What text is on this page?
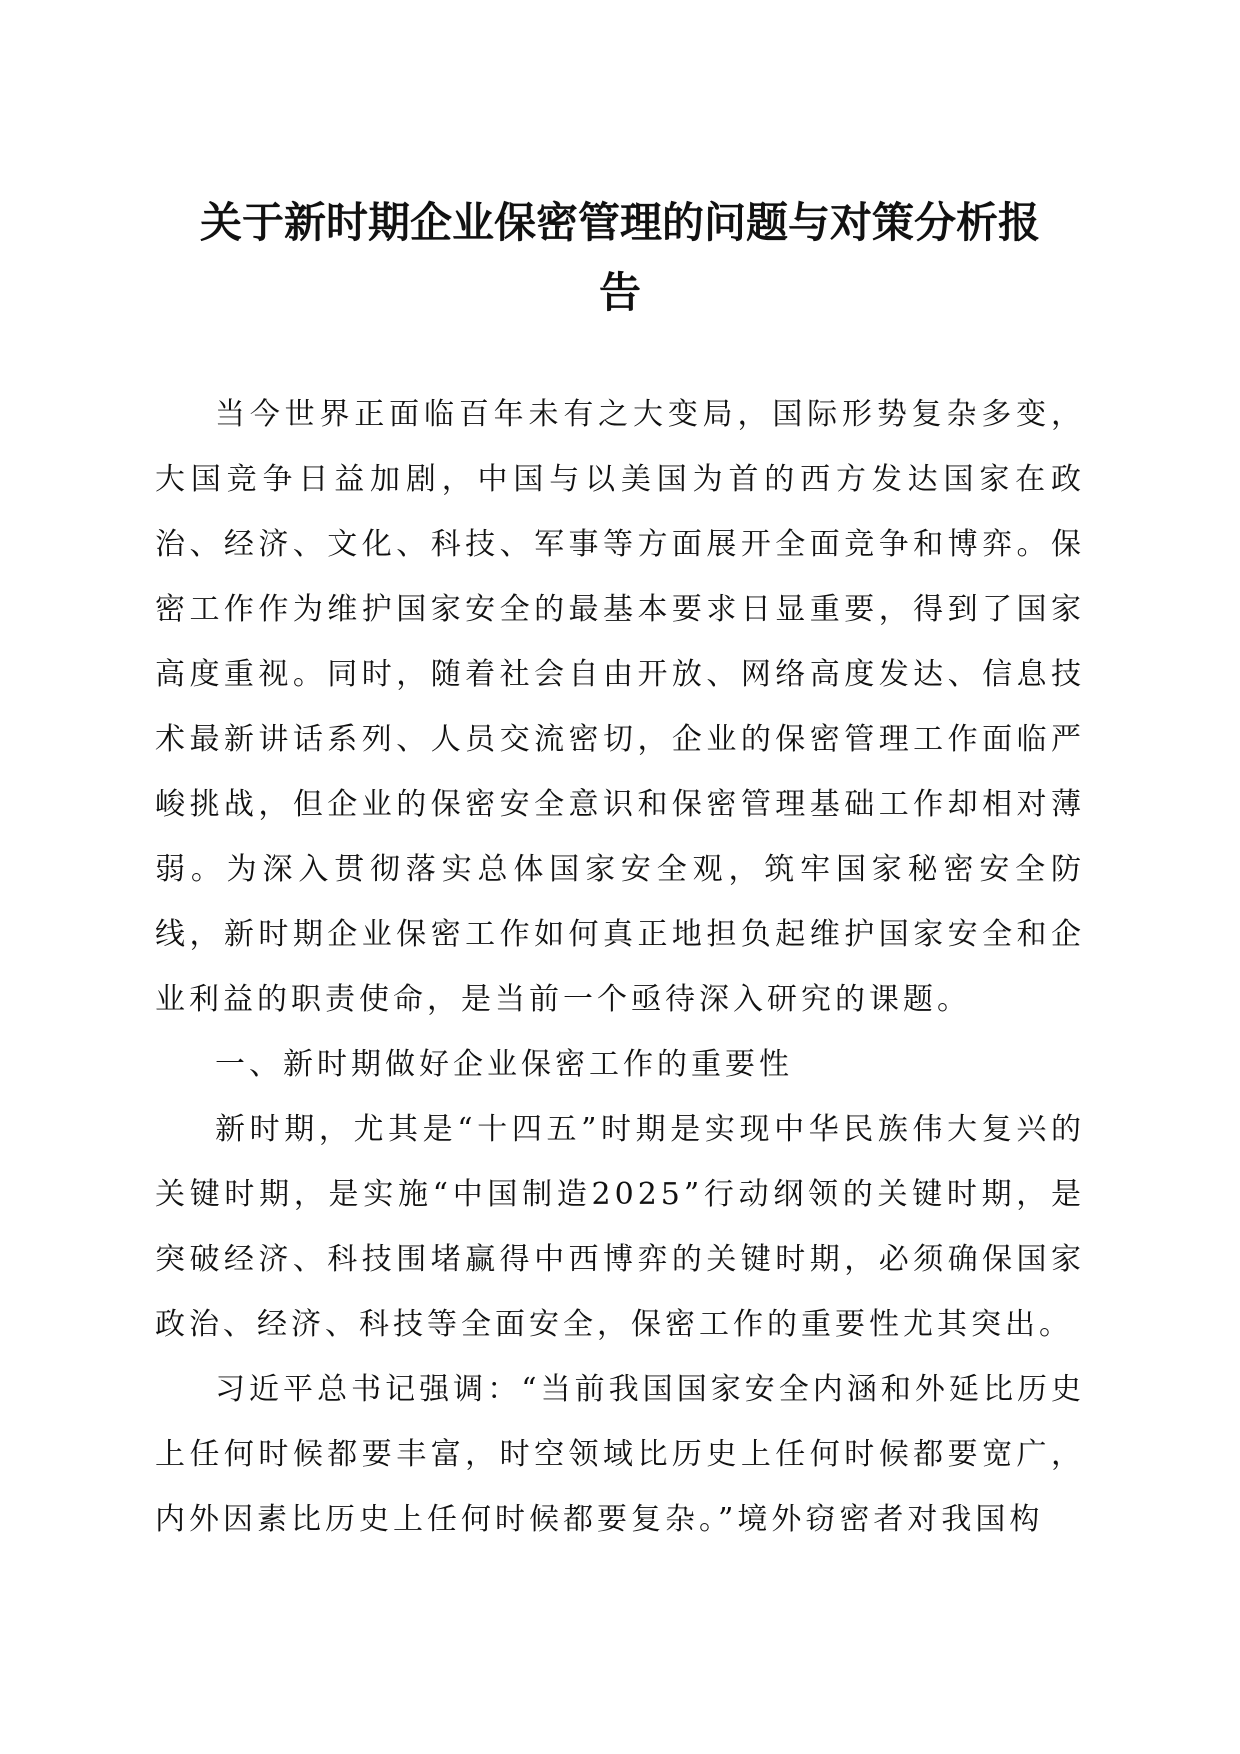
关于新时期企业保密管理的问题与对策分析报
告

当今世界正面临百年未有之大变局，国际形势复杂多变，大国竞争日益加剧，中国与以美国为首的西方发达国家在政治、经济、文化、科技、军事等方面展开全面竞争和博弈。保密工作作为维护国家安全的最基本要求日显重要，得到了国家高度重视。同时，随着社会自由开放、网络高度发达、信息技术最新讲话系列、人员交流密切，企业的保密管理工作面临严峻挑战，但企业的保密安全意识和保密管理基础工作却相对薄弱。为深入贯彻落实总体国家安全观，筑牢国家秘密安全防线，新时期企业保密工作如何真正地担负起维护国家安全和企业利益的职责使命，是当前一个亟待深入研究的课题。

一、新时期做好企业保密工作的重要性

新时期，尤其是“十四五”时期是实现中华民族伟大复兴的关键时期，是实施“中国制造2025”行动纲领的关键时期，是突破经济、科技围堵赢得中西博弈的关键时期，必须确保国家政治、经济、科技等全面安全，保密工作的重要性尤其突出。

习近平总书记强调：“当前我国国家安全内涵和外延比历史上任何时候都要丰富，时空领域比历史上任何时候都要宽广，内外因素比历史上任何时候都要复杂。”境外窃密者对我国构
